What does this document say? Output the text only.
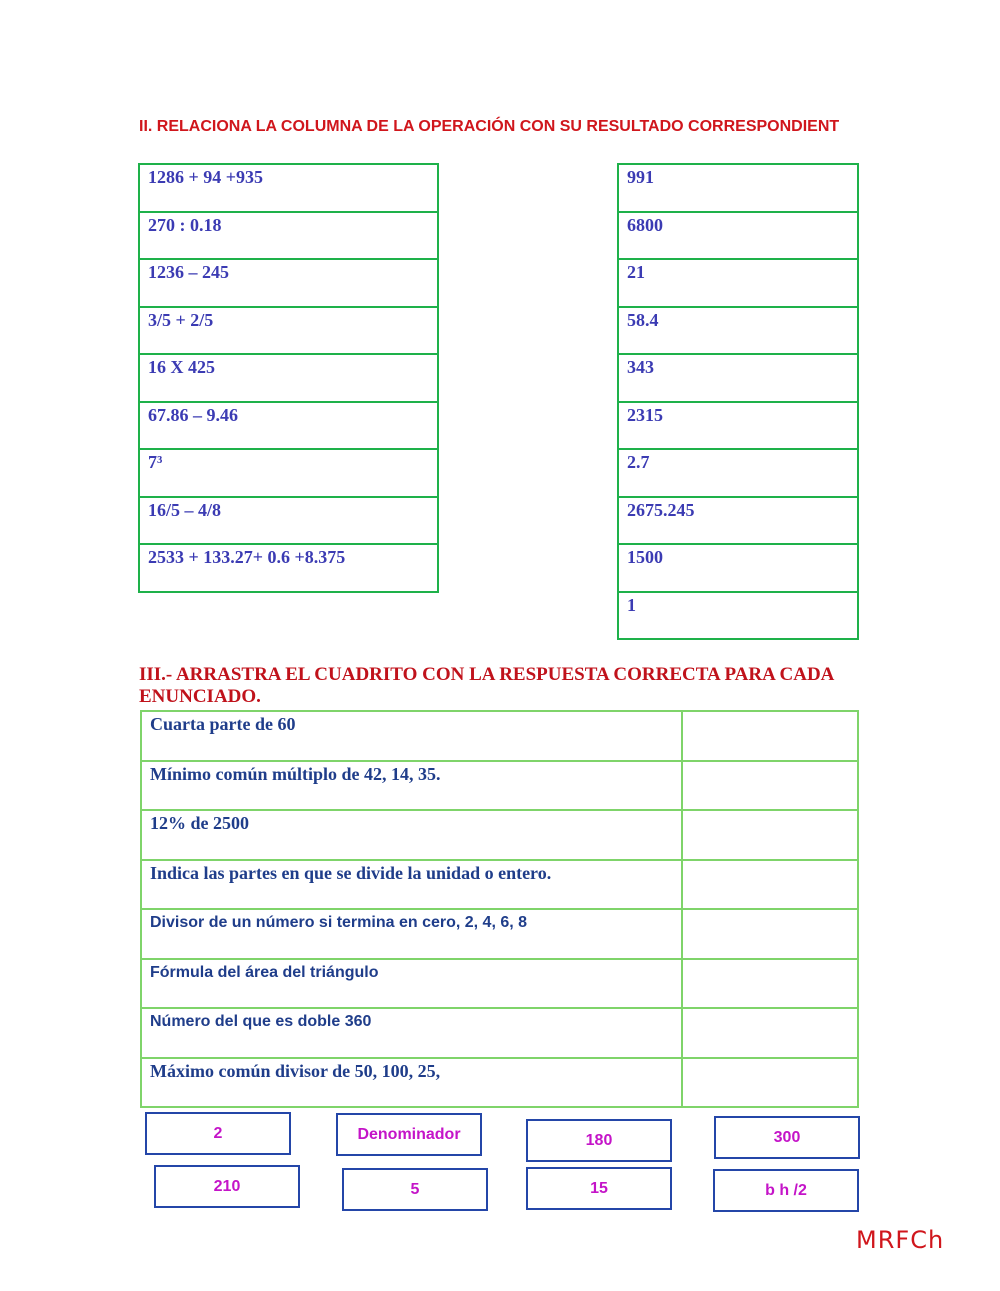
II. RELACIONA LA COLUMNA DE LA OPERACIÓN CON SU RESULTADO CORRESPONDIENT
1286 + 94 +935
270 : 0.18
1236 – 245
3/5 + 2/5
16 X 425
67.86 – 9.46
7³
16/5 – 4/8
2533 + 133.27+ 0.6 +8.375
991
6800
21
58.4
343
2315
2.7
2675.245
1500
1
III.- ARRASTRA EL CUADRITO CON LA RESPUESTA CORRECTA PARA CADA ENUNCIADO.
Cuarta parte de 60
Mínimo común múltiplo de 42, 14, 35.
12% de 2500
Indica las partes en que se divide la unidad o entero.
Divisor de un número si termina en cero, 2, 4, 6, 8
Fórmula del área del triángulo
Número del que es doble 360
Máximo común divisor de 50, 100, 25,
2	Denominador	180	300
210	5	15	b h /2
MRFCh
